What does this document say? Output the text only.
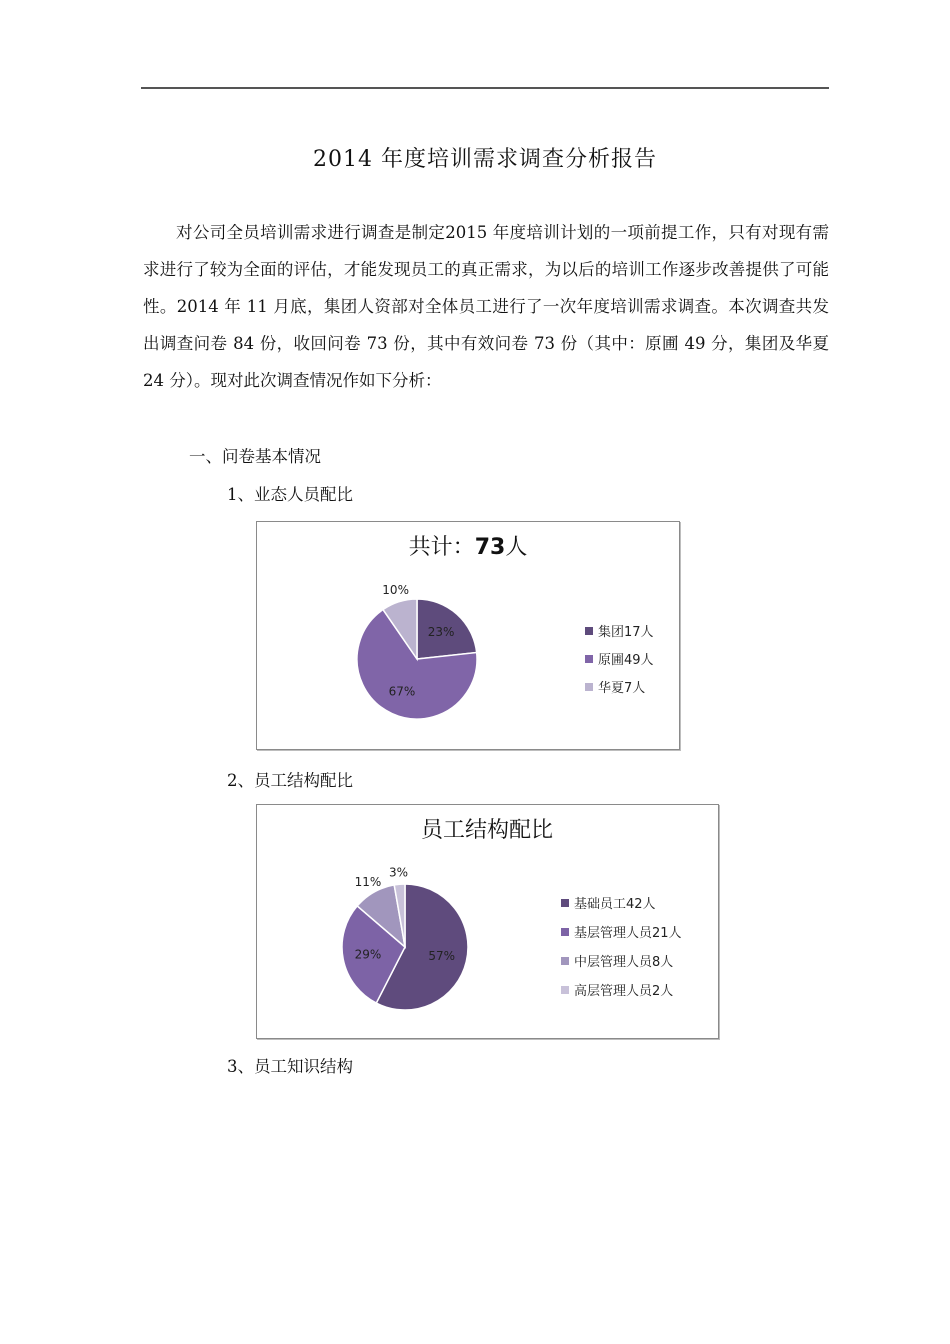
2014 年度培训需求调查分析报告

对公司全员培训需求进行调查是制定2015 年度培训计划的一项前提工作，只有对现有需求进行了较为全面的评估，才能发现员工的真正需求，为以后的培训工作逐步改善提供了可能性。2014 年 11 月底，集团人资部对全体员工进行了一次年度培训需求调查。本次调查共发出调查问卷 84 份，收回问卷 73 份，其中有效问卷 73 份（其中：原圃 49 分，集团及华夏 24 分）。现对此次调查情况作如下分析：

一、问卷基本情况
1、业态人员配比
共计：73人
23%
67%
10%
集团17人
原圃49人
华夏7人
2、员工结构配比
员工结构配比
57%
29%
11%
3%
基础员工42人
基层管理人员21人
中层管理人员8人
高层管理人员2人
3、员工知识结构
